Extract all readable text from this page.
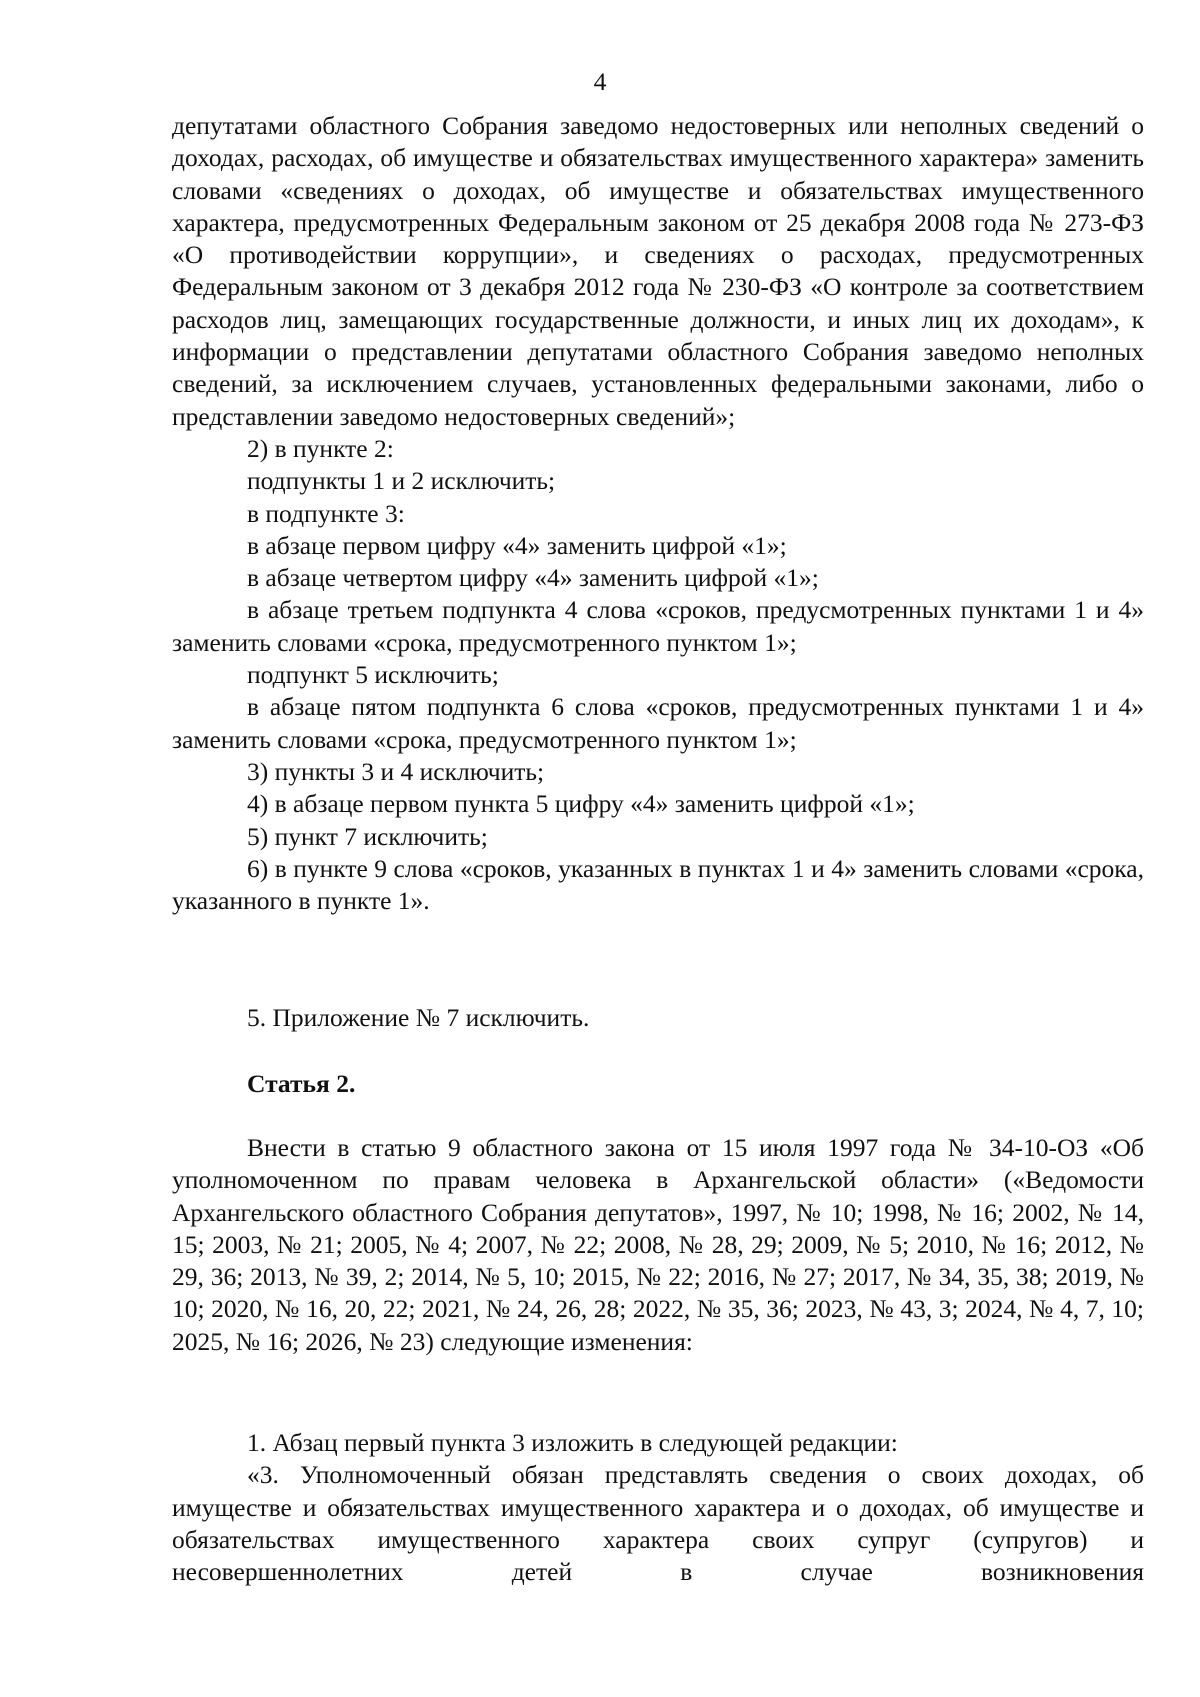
4

депутатами областного Собрания заведомо недостоверных или неполных сведений о доходах, расходах, об имуществе и обязательствах имущественного характера» заменить словами «сведениях о доходах, об имуществе и обязательствах имущественного характера, предусмотренных Федеральным законом от 25 декабря 2008 года № 273-ФЗ «О противодействии коррупции», и сведениях о расходах, предусмотренных Федеральным законом от 3 декабря 2012 года № 230-ФЗ «О контроле за соответствием расходов лиц, замещающих государственные должности, и иных лиц их доходам», к информации о представлении депутатами областного Собрания заведомо неполных сведений, за исключением случаев, установленных федеральными законами, либо о представлении заведомо недостоверных сведений»;

2) в пункте 2:

подпункты 1 и 2 исключить;

в подпункте 3:

в абзаце первом цифру «4» заменить цифрой «1»;

в абзаце четвертом цифру «4» заменить цифрой «1»;

в абзаце третьем подпункта 4 слова «сроков, предусмотренных пунктами 1 и 4» заменить словами «срока, предусмотренного пунктом 1»;

подпункт 5 исключить;

в абзаце пятом подпункта 6 слова «сроков, предусмотренных пунктами 1 и 4» заменить словами «срока, предусмотренного пунктом 1»;

3) пункты 3 и 4 исключить;

4) в абзаце первом пункта 5 цифру «4» заменить цифрой «1»;

5) пункт 7 исключить;

6) в пункте 9 слова «сроков, указанных в пунктах 1 и 4» заменить словами «срока, указанного в пункте 1».

5. Приложение № 7 исключить.
Статья 2.

Внести в статью 9 областного закона от 15 июля 1997 года № 34-10-ОЗ «Об уполномоченном по правам человека в Архангельской области» («Ведомости Архангельского областного Собрания депутатов», 1997, № 10; 1998, № 16; 2002, № 14, 15; 2003, № 21; 2005, № 4; 2007, № 22; 2008, № 28, 29; 2009, № 5; 2010, № 16; 2012, № 29, 36; 2013, № 39, 2; 2014, № 5, 10; 2015, № 22; 2016, № 27; 2017, № 34, 35, 38; 2019, № 10; 2020, № 16, 20, 22; 2021, № 24, 26, 28; 2022, № 35, 36; 2023, № 43, 3; 2024, № 4, 7, 10; 2025, № 16; 2026, № 23) следующие изменения:

1. Абзац первый пункта 3 изложить в следующей редакции:

«3. Уполномоченный обязан представлять сведения о своих доходах, об имуществе и обязательствах имущественного характера и о доходах, об имуществе и обязательствах имущественного характера своих супруг (супругов) и несовершеннолетних детей в случае возникновения
